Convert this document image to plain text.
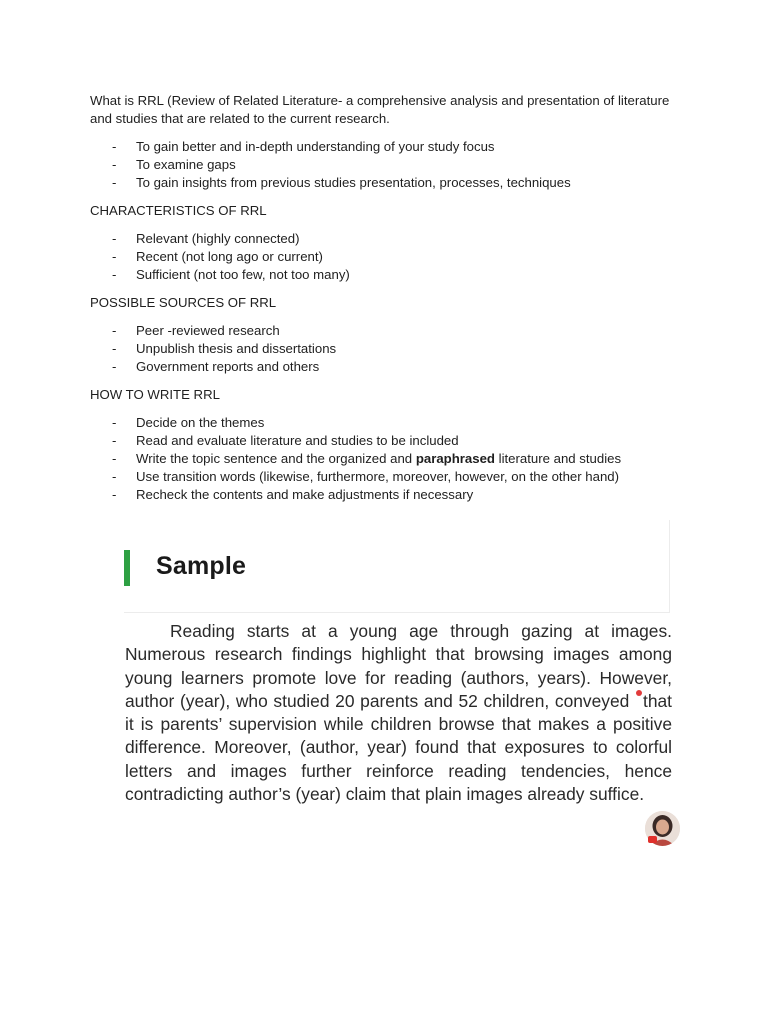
What is RRL (Review of Related Literature- a comprehensive analysis and presentation of literature and studies that are related to the current research.

- To gain better and in-depth understanding of your study focus
- To examine gaps
- To gain insights from previous studies presentation, processes, techniques

CHARACTERISTICS OF RRL

- Relevant (highly connected)
- Recent (not long ago or current)
- Sufficient (not too few, not too many)

POSSIBLE SOURCES OF RRL

- Peer -reviewed research
- Unpublish thesis and dissertations
- Government reports and others

HOW TO WRITE RRL

- Decide on the themes
- Read and evaluate literature and studies to be included
- Write the topic sentence and the organized and paraphrased literature and studies
- Use transition words (likewise, furthermore, moreover, however, on the other hand)
- Recheck the contents and make adjustments if necessary
Sample
Reading starts at a young age through gazing at images. Numerous research findings highlight that browsing images among young learners promote love for reading (authors, years). However, author (year), who studied 20 parents and 52 children, conveyed that it is parents’ supervision while children browse that makes a positive difference. Moreover, (author, year) found that exposures to colorful letters and images further reinforce reading tendencies, hence contradicting author’s (year) claim that plain images already suffice.
